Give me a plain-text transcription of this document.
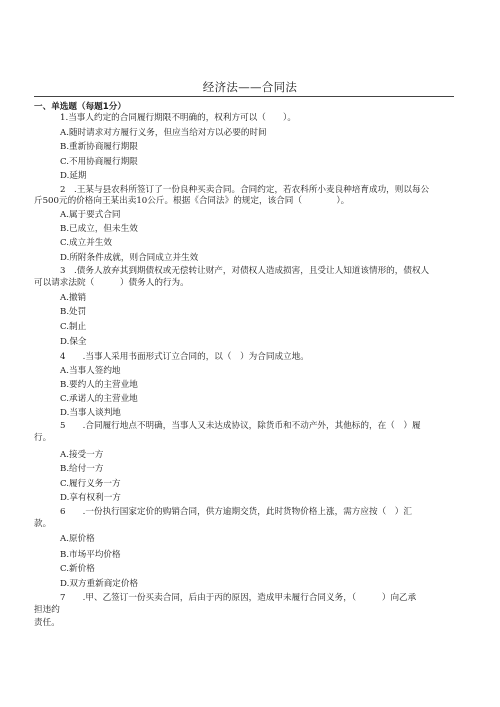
经济法——合同法
一、单选题（每题1分）
1.当事人约定的合同履行期限不明确的，权利方可以（　　）。
A.随时请求对方履行义务，但应当给对方以必要的时间
B.重新协商履行期限
C.不用协商履行期限
D.延期
2　.王某与县农科所签订了一份良种买卖合同。合同约定，若农科所小麦良种培育成功，则以每公
斤500元的价格向王某出卖10公斤。根据《合同法》的规定，该合同（　　　　）。
A.属于要式合同
B.已成立，但未生效
C.成立并生效
D.所附条件成就，则合同成立并生效
3　.债务人放弃其到期债权或无偿转让财产，对债权人造成损害，且受让人知道该情形的，债权人
可以请求法院（　　　）债务人的行为。
A.撤销
B.处罚
C.制止
D.保全
4　　.当事人采用书面形式订立合同的，以（　）为合同成立地。
A.当事人签约地
B.要约人的主营业地
C.承诺人的主营业地
D.当事人谈判地
5　　.合同履行地点不明确，当事人又未达成协议，除货币和不动产外，其他标的，在（　）履
行。
A.接受一方
B.给付一方
C.履行义务一方
D.享有权利一方
6　　.一份执行国家定价的购销合同，供方逾期交货，此时货物价格上涨，需方应按（　）汇
款。
A.原价格
B.市场平均价格
C.新价格
D.双方重新商定价格
7　　.甲、乙签订一份买卖合同，后由于丙的原因，造成甲未履行合同义务，（　　　）向乙承
担违约
责任。
